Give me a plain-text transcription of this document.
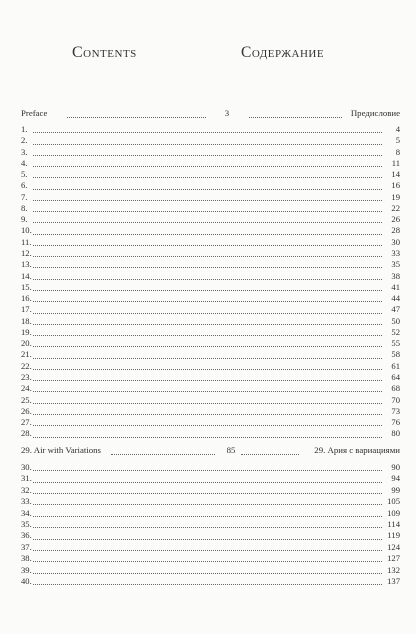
Contents	Содержание
Preface	3	Предисловие
1.	4
2.	5
3.	8
4.	11
5.	14
6.	16
7.	19
8.	22
9.	26
10.	28
11.	30
12.	33
13.	35
14.	38
15.	41
16.	44
17.	47
18.	50
19.	52
20.	55
21.	58
22.	61
23.	64
24.	68
25.	70
26.	73
27.	76
28.	80
29. Air with Variations	85	29. Ария с вариациями
30.	90
31.	94
32.	99
33.	105
34.	109
35.	114
36.	119
37.	124
38.	127
39.	132
40.	137
